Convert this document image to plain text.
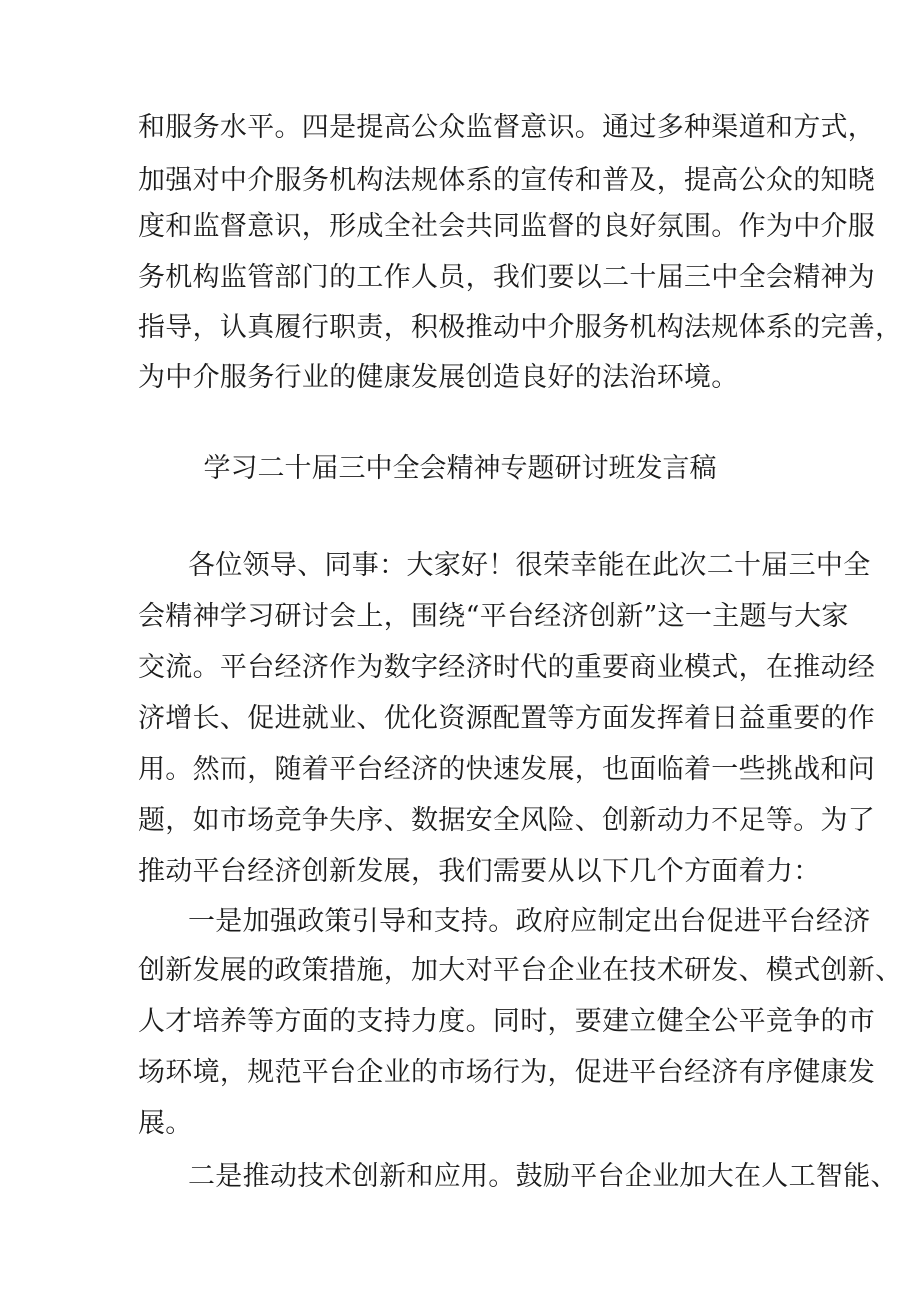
和服务水平。四是提高公众监督意识。通过多种渠道和方式，
加强对中介服务机构法规体系的宣传和普及，提高公众的知晓
度和监督意识，形成全社会共同监督的良好氛围。作为中介服
务机构监管部门的工作人员，我们要以二十届三中全会精神为
指导，认真履行职责，积极推动中介服务机构法规体系的完善，
为中介服务行业的健康发展创造良好的法治环境。
学习二十届三中全会精神专题研讨班发言稿
各位领导、同事：大家好！很荣幸能在此次二十届三中全
会精神学习研讨会上，围绕“平台经济创新”这一主题与大家
交流。平台经济作为数字经济时代的重要商业模式，在推动经
济增长、促进就业、优化资源配置等方面发挥着日益重要的作
用。然而，随着平台经济的快速发展，也面临着一些挑战和问
题，如市场竞争失序、数据安全风险、创新动力不足等。为了
推动平台经济创新发展，我们需要从以下几个方面着力：
一是加强政策引导和支持。政府应制定出台促进平台经济
创新发展的政策措施，加大对平台企业在技术研发、模式创新、
人才培养等方面的支持力度。同时，要建立健全公平竞争的市
场环境，规范平台企业的市场行为，促进平台经济有序健康发
展。
二是推动技术创新和应用。鼓励平台企业加大在人工智能、
